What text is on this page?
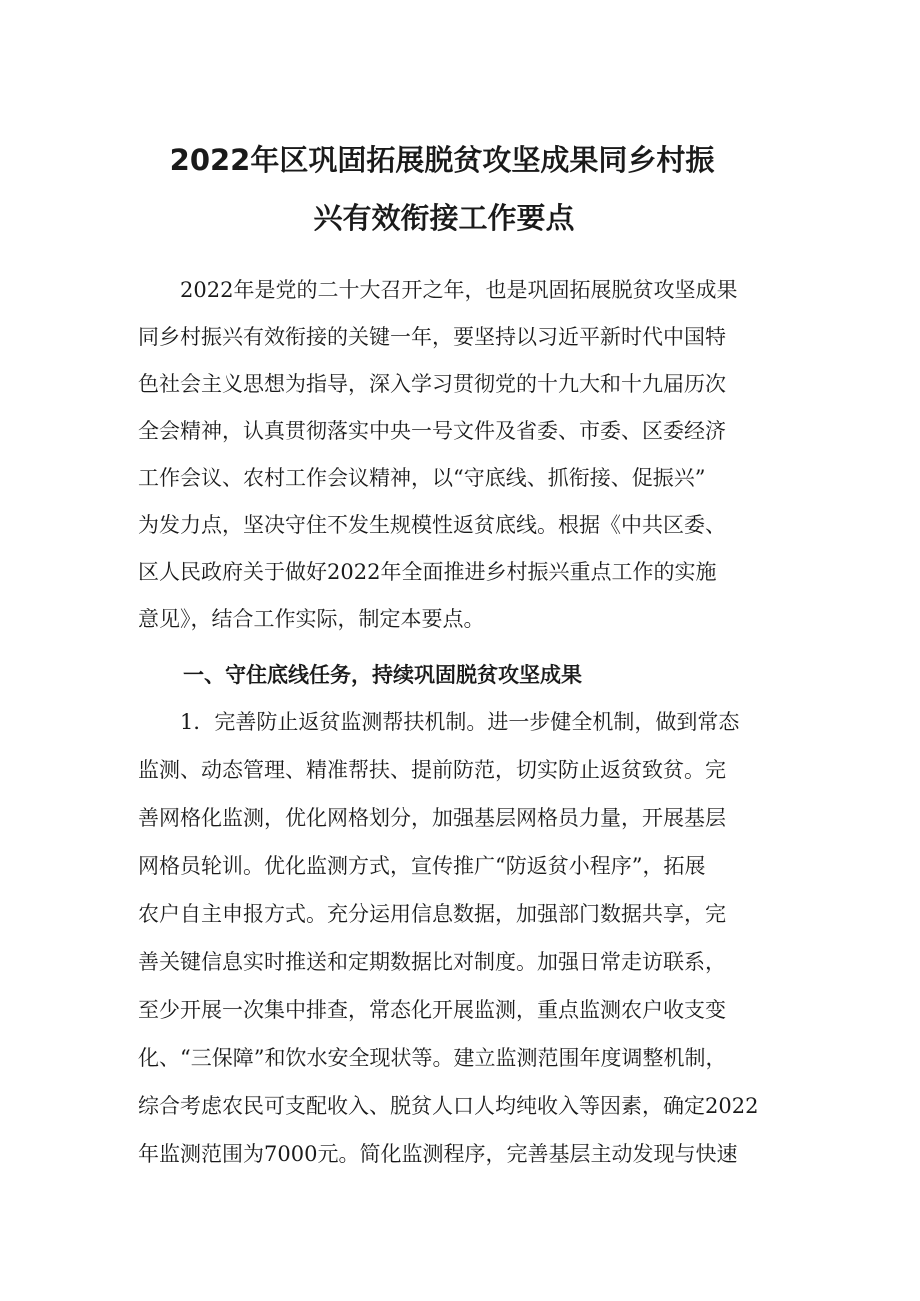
2022年区巩固拓展脱贫攻坚成果同乡村振
兴有效衔接工作要点
　　2022年是党的二十大召开之年，也是巩固拓展脱贫攻坚成果
同乡村振兴有效衔接的关键一年，要坚持以习近平新时代中国特
色社会主义思想为指导，深入学习贯彻党的十九大和十九届历次
全会精神，认真贯彻落实中央一号文件及省委、市委、区委经济
工作会议、农村工作会议精神，以“守底线、抓衔接、促振兴”
为发力点，坚决守住不发生规模性返贫底线。根据《中共区委、
区人民政府关于做好2022年全面推进乡村振兴重点工作的实施
意见》，结合工作实际，制定本要点。
一、守住底线任务，持续巩固脱贫攻坚成果
　　1．完善防止返贫监测帮扶机制。进一步健全机制，做到常态
监测、动态管理、精准帮扶、提前防范，切实防止返贫致贫。完
善网格化监测，优化网格划分，加强基层网格员力量，开展基层
网格员轮训。优化监测方式，宣传推广“防返贫小程序”，拓展
农户自主申报方式。充分运用信息数据，加强部门数据共享，完
善关键信息实时推送和定期数据比对制度。加强日常走访联系，
至少开展一次集中排查，常态化开展监测，重点监测农户收支变
化、“三保障”和饮水安全现状等。建立监测范围年度调整机制，
综合考虑农民可支配收入、脱贫人口人均纯收入等因素，确定2022
年监测范围为7000元。简化监测程序，完善基层主动发现与快速
